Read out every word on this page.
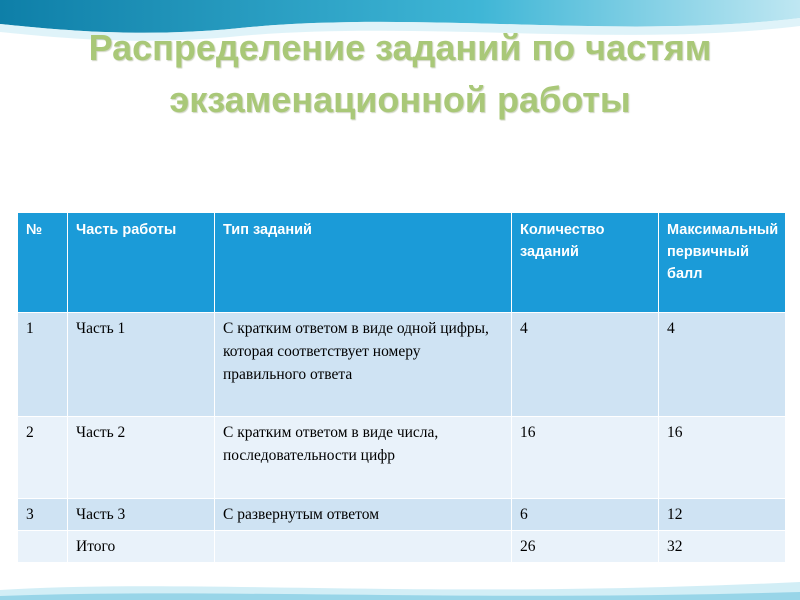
Распределение заданий по частям экзаменационной работы
№	Часть работы	Тип заданий	Количество заданий	Максимальный первичный балл
1	Часть 1	С кратким ответом в виде одной цифры, которая соответствует номеру правильного ответа	4	4
2	Часть 2	С кратким ответом в виде числа, последовательности цифр	16	16
3	Часть 3	С развернутым ответом	6	12
	Итого		26	32
